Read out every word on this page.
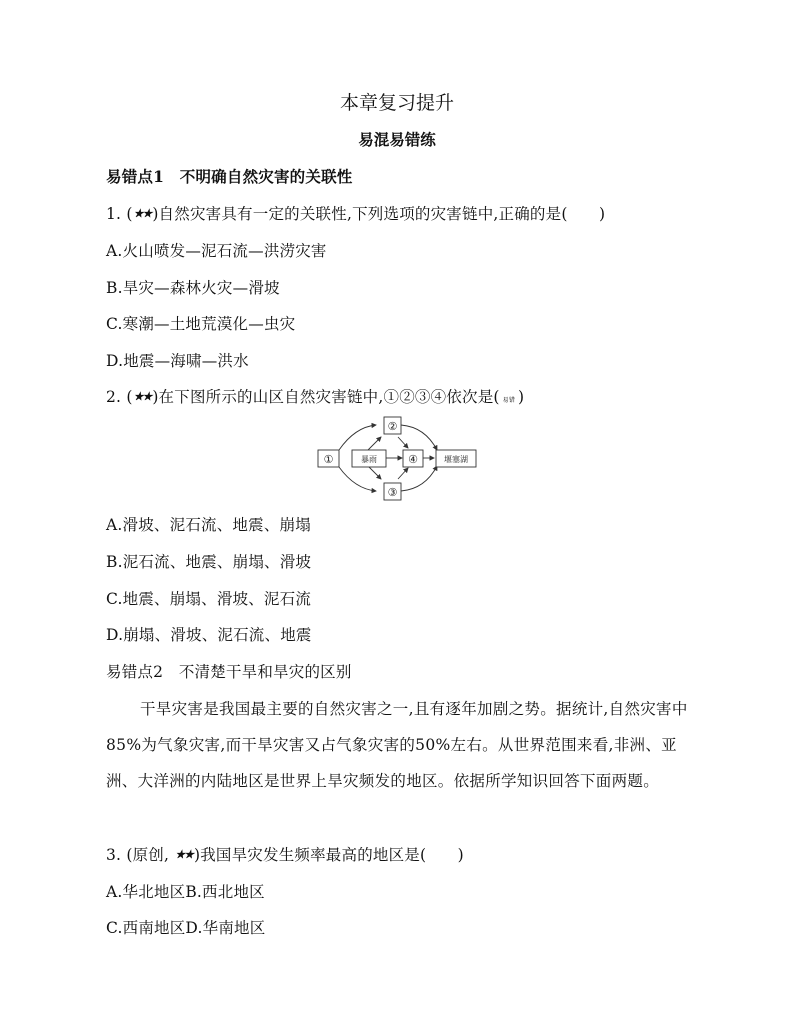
本章复习提升
易混易错练
易错点1　不明确自然灾害的关联性
1. (★★)自然灾害具有一定的关联性,下列选项的灾害链中,正确的是(　　)
A.火山喷发—泥石流—洪涝灾害
B.旱灾—森林火灾—滑坡
C.寒潮—土地荒漠化—虫灾
D.地震—海啸—洪水
2. (★★)在下图所示的山区自然灾害链中,①②③④依次是( 易错 )
①	暴雨
②
③
④	堰塞湖
A.滑坡、泥石流、地震、崩塌
B.泥石流、地震、崩塌、滑坡
C.地震、崩塌、滑坡、泥石流
D.崩塌、滑坡、泥石流、地震
易错点2　不清楚干旱和旱灾的区别
干旱灾害是我国最主要的自然灾害之一,且有逐年加剧之势。据统计,自然灾害中 85%为气象灾害,而干旱灾害又占气象灾害的50%左右。从世界范围来看,非洲、亚洲、大洋洲的内陆地区是世界上旱灾频发的地区。依据所学知识回答下面两题。
3. (原创, ★★)我国旱灾发生频率最高的地区是(　　)
A.华北地区B.西北地区
C.西南地区D.华南地区
